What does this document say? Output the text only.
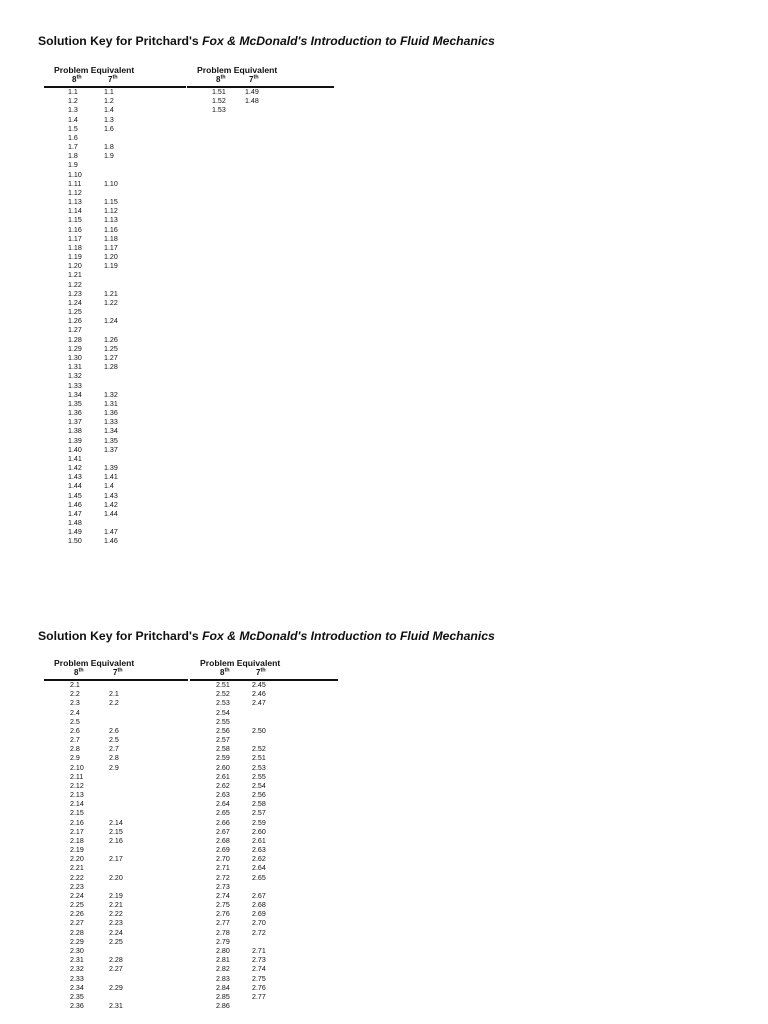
Solution Key for Pritchard's Fox & McDonald's Introduction to Fluid Mechanics
Problem Equivalent
8th	7th
1.1	1.1
1.2	1.2
1.3	1.4
1.4	1.3
1.5	1.6
1.6
1.7	1.8
1.8	1.9
1.9
1.10
1.11	1.10
1.12
1.13	1.15
1.14	1.12
1.15	1.13
1.16	1.16
1.17	1.18
1.18	1.17
1.19	1.20
1.20	1.19
1.21
1.22
1.23	1.21
1.24	1.22
1.25
1.26	1.24
1.27
1.28	1.26
1.29	1.25
1.30	1.27
1.31	1.28
1.32
1.33
1.34	1.32
1.35	1.31
1.36	1.36
1.37	1.33
1.38	1.34
1.39	1.35
1.40	1.37
1.41
1.42	1.39
1.43	1.41
1.44	1.4
1.45	1.43
1.46	1.42
1.47	1.44
1.48
1.49	1.47
1.50	1.46
Problem Equivalent
8th	7th
1.51	1.49
1.52	1.48
1.53
Solution Key for Pritchard's Fox & McDonald's Introduction to Fluid Mechanics
Problem Equivalent
8th	7th
2.1
2.2	2.1
2.3	2.2
2.4
2.5
2.6	2.6
2.7	2.5
2.8	2.7
2.9	2.8
2.10	2.9
2.11
2.12
2.13
2.14
2.15
2.16	2.14
2.17	2.15
2.18	2.16
2.19
2.20	2.17
2.21
2.22	2.20
2.23
2.24	2.19
2.25	2.21
2.26	2.22
2.27	2.23
2.28	2.24
2.29	2.25
2.30
2.31	2.28
2.32	2.27
2.33
2.34	2.29
2.35
2.36	2.31
Problem Equivalent
8th	7th
2.51	2.45
2.52	2.46
2.53	2.47
2.54
2.55
2.56	2.50
2.57
2.58	2.52
2.59	2.51
2.60	2.53
2.61	2.55
2.62	2.54
2.63	2.56
2.64	2.58
2.65	2.57
2.66	2.59
2.67	2.60
2.68	2.61
2.69	2.63
2.70	2.62
2.71	2.64
2.72	2.65
2.73
2.74	2.67
2.75	2.68
2.76	2.69
2.77	2.70
2.78	2.72
2.79
2.80	2.71
2.81	2.73
2.82	2.74
2.83	2.75
2.84	2.76
2.85	2.77
2.86
